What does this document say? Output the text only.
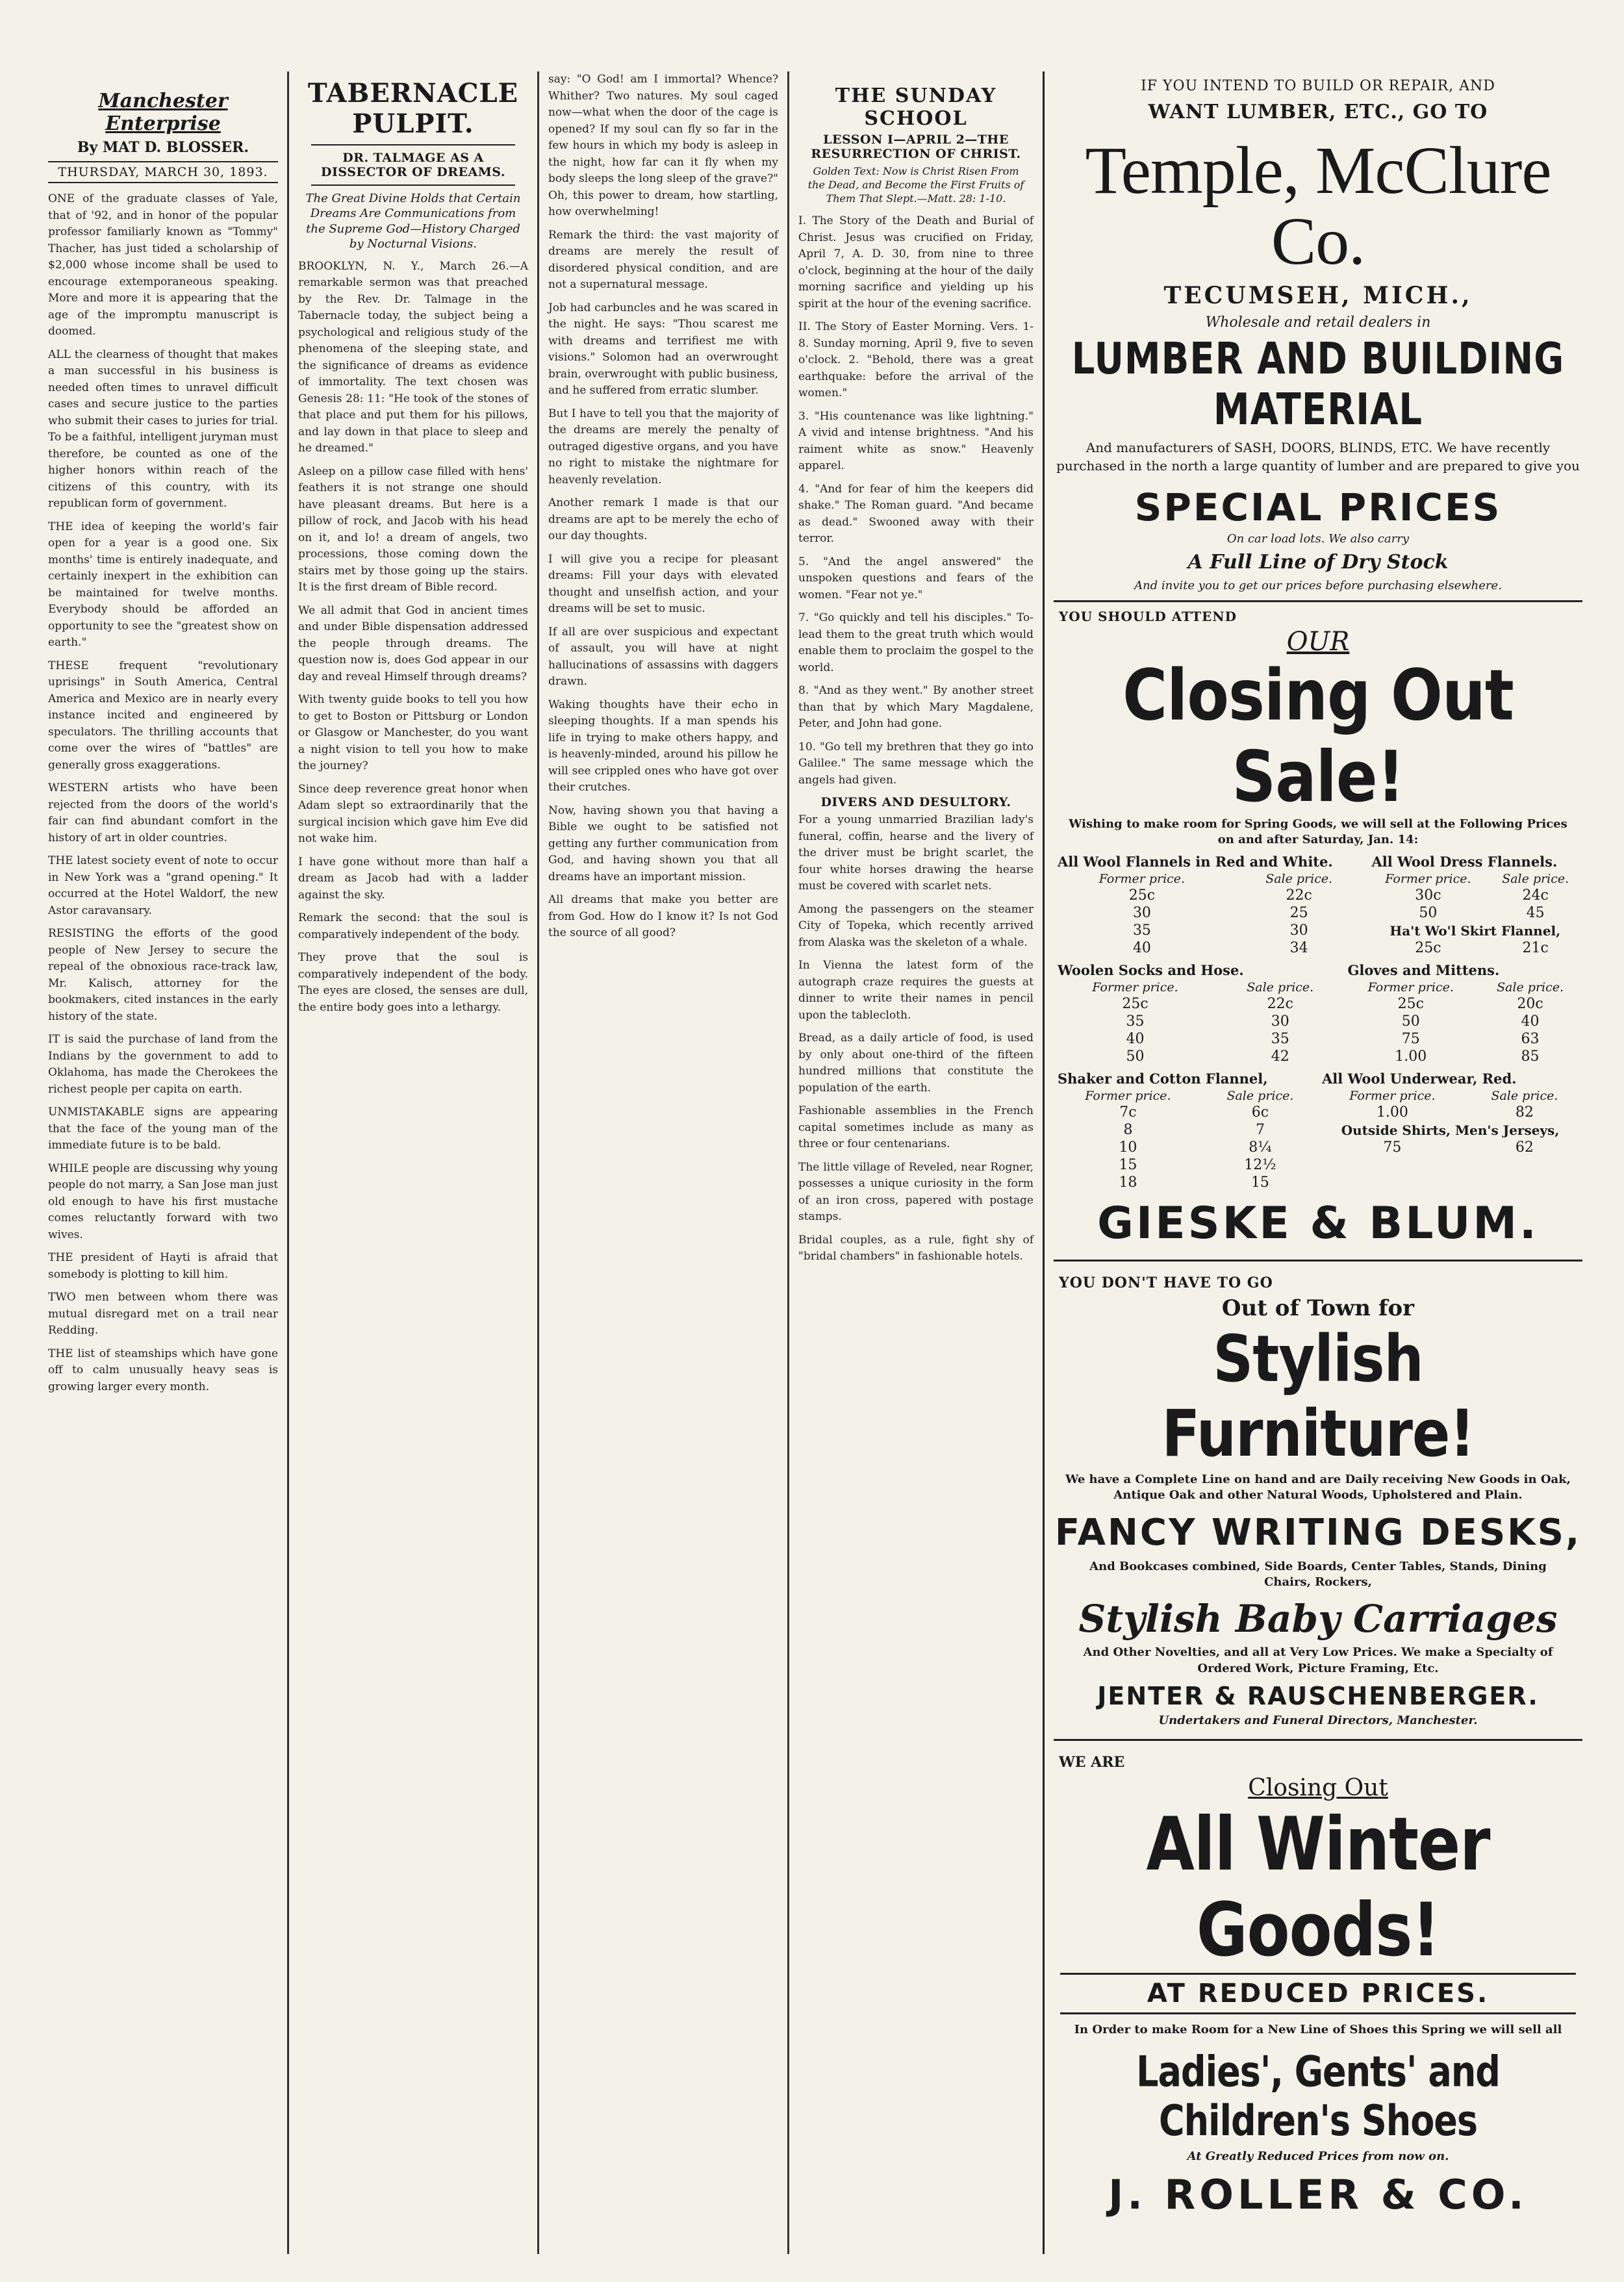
Manchester Enterprise
By MAT D. BLOSSER.
THURSDAY, MARCH 30, 1893.

ONE of the graduate classes of Yale, that of '92, and in honor of the popular professor familiarly known as "Tommy" Thacher, has just tided a scholarship of $2,000 whose income shall be used to encourage extemporaneous speaking. More and more it is appearing that the age of the impromptu manuscript is doomed.

ALL the clearness of thought that makes a man successful in his business is needed often times to unravel difficult cases and secure justice to the parties who submit their cases to juries for trial. To be a faithful, intelligent juryman must therefore, be counted as one of the higher honors within reach of the citizens of this country, with its republican form of government.

THE idea of keeping the world's fair open for a year is a good one. Six months' time is entirely inadequate, and certainly inexpert in the exhibition can be maintained for twelve months. Everybody should be afforded an opportunity to see the "greatest show on earth."

THESE frequent "revolutionary uprisings" in South America, Central America and Mexico are in nearly every instance incited and engineered by speculators. The thrilling accounts that come over the wires of "battles" are generally gross exaggerations.

WESTERN artists who have been rejected from the doors of the world's fair can find abundant comfort in the history of art in older countries.

THE latest society event of note to occur in New York was a "grand opening." It occurred at the Hotel Waldorf, the new Astor caravansary.

RESISTING the efforts of the good people of New Jersey to secure the repeal of the obnoxious race-track law, Mr. Kalisch, attorney for the bookmakers, cited instances in the early history of the state.

IT is said the purchase of land from the Indians by the government to add to Oklahoma, has made the Cherokees the richest people per capita on earth.

UNMISTAKABLE signs are appearing that the face of the young man of the immediate future is to be bald.

WHILE people are discussing why young people do not marry, a San Jose man just old enough to have his first mustache comes reluctantly forward with two wives.

THE president of Hayti is afraid that somebody is plotting to kill him.

TWO men between whom there was mutual disregard met on a trail near Redding.

THE list of steamships which have gone off to calm unusually heavy seas is growing larger every month.

TABERNACLE PULPIT.
DR. TALMAGE AS A DISSECTOR OF DREAMS.
The Great Divine Holds that Certain Dreams Are Communications from the Supreme God—History Charged by Nocturnal Visions.

BROOKLYN, N. Y., March 26.—A remarkable sermon was that preached by the Rev. Dr. Talmage in the Tabernacle today, the subject being a psychological and religious study of the phenomena of the sleeping state, and the significance of dreams as evidence of immortality. The text chosen was Genesis 28: 11: "He took of the stones of that place and put them for his pillows, and lay down in that place to sleep and he dreamed."

Asleep on a pillow case filled with hens' feathers it is not strange one should have pleasant dreams. But here is a pillow of rock, and Jacob with his head on it, and lo! a dream of angels, two processions, those coming down the stairs met by those going up the stairs. It is the first dream of Bible record.

We all admit that God in ancient times and under Bible dispensation addressed the people through dreams. The question now is, does God appear in our day and reveal Himself through dreams?

With twenty guide books to tell you how to get to Boston or Pittsburg or London or Glasgow or Manchester, do you want a night vision to tell you how to make the journey?

Since deep reverence great honor when Adam slept so extraordinarily that the surgical incision which gave him Eve did not wake him.

I have gone without more than half a dream as Jacob had with a ladder against the sky.

Remark the second: that the soul is comparatively independent of the body.

They prove that the soul is comparatively independent of the body. The eyes are closed, the senses are dull, the entire body goes into a lethargy.

say: "O God! am I immortal? Whence? Whither? Two natures. My soul caged now—what when the door of the cage is opened? If my soul can fly so far in the few hours in which my body is asleep in the night, how far can it fly when my body sleeps the long sleep of the grave?" Oh, this power to dream, how startling, how overwhelming!

Remark the third: the vast majority of dreams are merely the result of disordered physical condition, and are not a supernatural message.

Job had carbuncles and he was scared in the night. He says: "Thou scarest me with dreams and terrifiest me with visions." Solomon had an overwrought brain, overwrought with public business, and he suffered from erratic slumber.

But I have to tell you that the majority of the dreams are merely the penalty of outraged digestive organs, and you have no right to mistake the nightmare for heavenly revelation.

Another remark I made is that our dreams are apt to be merely the echo of our day thoughts.

I will give you a recipe for pleasant dreams: Fill your days with elevated thought and unselfish action, and your dreams will be set to music.

If all are over suspicious and expectant of assault, you will have at night hallucinations of assassins with daggers drawn.

Waking thoughts have their echo in sleeping thoughts. If a man spends his life in trying to make others happy, and is heavenly-minded, around his pillow he will see crippled ones who have got over their crutches.

Now, having shown you that having a Bible we ought to be satisfied not getting any further communication from God, and having shown you that all dreams have an important mission.

All dreams that make you better are from God. How do I know it? Is not God the source of all good?

THE SUNDAY SCHOOL
LESSON I—APRIL 2—THE RESURRECTION OF CHRIST.
Golden Text: Now is Christ Risen From the Dead, and Become the First Fruits of Them That Slept.—Matt. 28: 1-10.

I. The Story of the Death and Burial of Christ. Jesus was crucified on Friday, April 7, A. D. 30, from nine to three o'clock, beginning at the hour of the daily morning sacrifice and yielding up his spirit at the hour of the evening sacrifice.

II. The Story of Easter Morning. Vers. 1-8. Sunday morning, April 9, five to seven o'clock. 2. "Behold, there was a great earthquake: before the arrival of the women."

3. "His countenance was like lightning." A vivid and intense brightness. "And his raiment white as snow." Heavenly apparel.

4. "And for fear of him the keepers did shake." The Roman guard. "And became as dead." Swooned away with their terror.

5. "And the angel answered" the unspoken questions and fears of the women. "Fear not ye."

7. "Go quickly and tell his disciples." To-lead them to the great truth which would enable them to proclaim the gospel to the world.

8. "And as they went." By another street than that by which Mary Magdalene, Peter, and John had gone.

10. "Go tell my brethren that they go into Galilee." The same message which the angels had given.

DIVERS AND DESULTORY.

For a young unmarried Brazilian lady's funeral, coffin, hearse and the livery of the driver must be bright scarlet, the four white horses drawing the hearse must be covered with scarlet nets.

Among the passengers on the steamer City of Topeka, which recently arrived from Alaska was the skeleton of a whale.

In Vienna the latest form of the autograph craze requires the guests at dinner to write their names in pencil upon the tablecloth.

Bread, as a daily article of food, is used by only about one-third of the fifteen hundred millions that constitute the population of the earth.

Fashionable assemblies in the French capital sometimes include as many as three or four centenarians.

The little village of Reveled, near Rogner, possesses a unique curiosity in the form of an iron cross, papered with postage stamps.

Bridal couples, as a rule, fight shy of "bridal chambers" in fashionable hotels.

IF YOU INTEND TO BUILD OR REPAIR, AND
WANT LUMBER, ETC., GO TO
Temple, McClure Co.
TECUMSEH, MICH.,
Wholesale and retail dealers in
LUMBER AND BUILDING MATERIAL
And manufacturers of SASH, DOORS, BLINDS, ETC. We have recently purchased in the north a large quantity of lumber and are prepared to give you
SPECIAL PRICES
On car load lots. We also carry
A Full Line of Dry Stock
And invite you to get our prices before purchasing elsewhere.
YOU SHOULD ATTEND
OUR
Closing Out Sale!
Wishing to make room for Spring Goods, we will sell at the Following Prices on and after Saturday, Jan. 14:
All Wool Flannels in Red and White.		All Wool Dress Flannels.	
Former price.	Sale price.	Former price.	Sale price.
25c	22c	30c	24c
30	25	50	45
35	30	Ha't Wo'l Skirt Flannel,	
40	34	25c	21c
Woolen Socks and Hose.		Gloves and Mittens.	
Former price.	Sale price.	Former price.	Sale price.
25c	22c	25c	20c
35	30	50	40
40	35	75	63
50	42	1.00	85
Shaker and Cotton Flannel,		All Wool Underwear, Red.	
Former price.	Sale price.	Former price.	Sale price.
7c	6c	1.00	82
8	7	Outside Shirts, Men's Jerseys,	
10	8¼	75	62
15	12½		
18	15		
GIESKE & BLUM.
YOU DON'T HAVE TO GO
Out of Town for
Stylish Furniture!
We have a Complete Line on hand and are Daily receiving New Goods in Oak, Antique Oak and other Natural Woods, Upholstered and Plain.
FANCY WRITING DESKS,
And Bookcases combined, Side Boards, Center Tables, Stands, Dining Chairs, Rockers,
Stylish Baby Carriages
And Other Novelties, and all at Very Low Prices. We make a Specialty of Ordered Work, Picture Framing, Etc.
JENTER & RAUSCHENBERGER.
Undertakers and Funeral Directors, Manchester.
WE ARE
Closing Out
All Winter Goods!
AT REDUCED PRICES.
In Order to make Room for a New Line of Shoes this Spring we will sell all
Ladies', Gents' and Children's Shoes
At Greatly Reduced Prices from now on.
J. ROLLER & CO.
